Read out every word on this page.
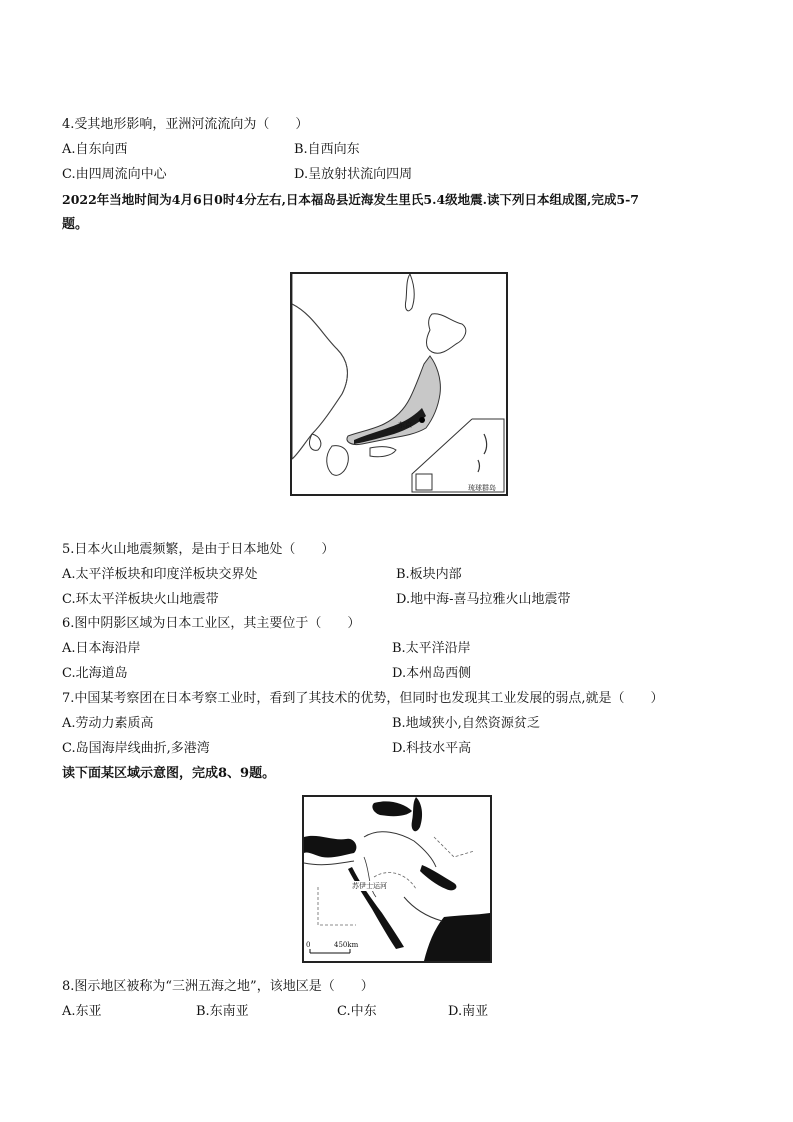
4.受其地形影响，亚洲河流流向为（　　）
A.自东向西	B.自西向东
C.由四周流向中心	D.呈放射状流向四周
2022年当地时间为4月6日0时4分左右,日本福岛县近海发生里氏5.4级地震.读下列日本组成图,完成5-7
题。
东京
琉球群岛
5.日本火山地震频繁，是由于日本地处（　　）
A.太平洋板块和印度洋板块交界处	B.板块内部
C.环太平洋板块火山地震带	D.地中海-喜马拉雅火山地震带
6.图中阴影区域为日本工业区，其主要位于（　　）
A.日本海沿岸	B.太平洋沿岸
C.北海道岛	D.本州岛西侧
7.中国某考察团在日本考察工业时，看到了其技术的优势，但同时也发现其工业发展的弱点,就是（　　）
A.劳动力素质高	B.地域狭小,自然资源贫乏
C.岛国海岸线曲折,多港湾	D.科技水平高
读下面某区域示意图，完成8、9题。
苏伊士运河
0	450km
8.图示地区被称为“三洲五海之地”，该地区是（　　）
A.东亚	B.东南亚	C.中东	D.南亚
